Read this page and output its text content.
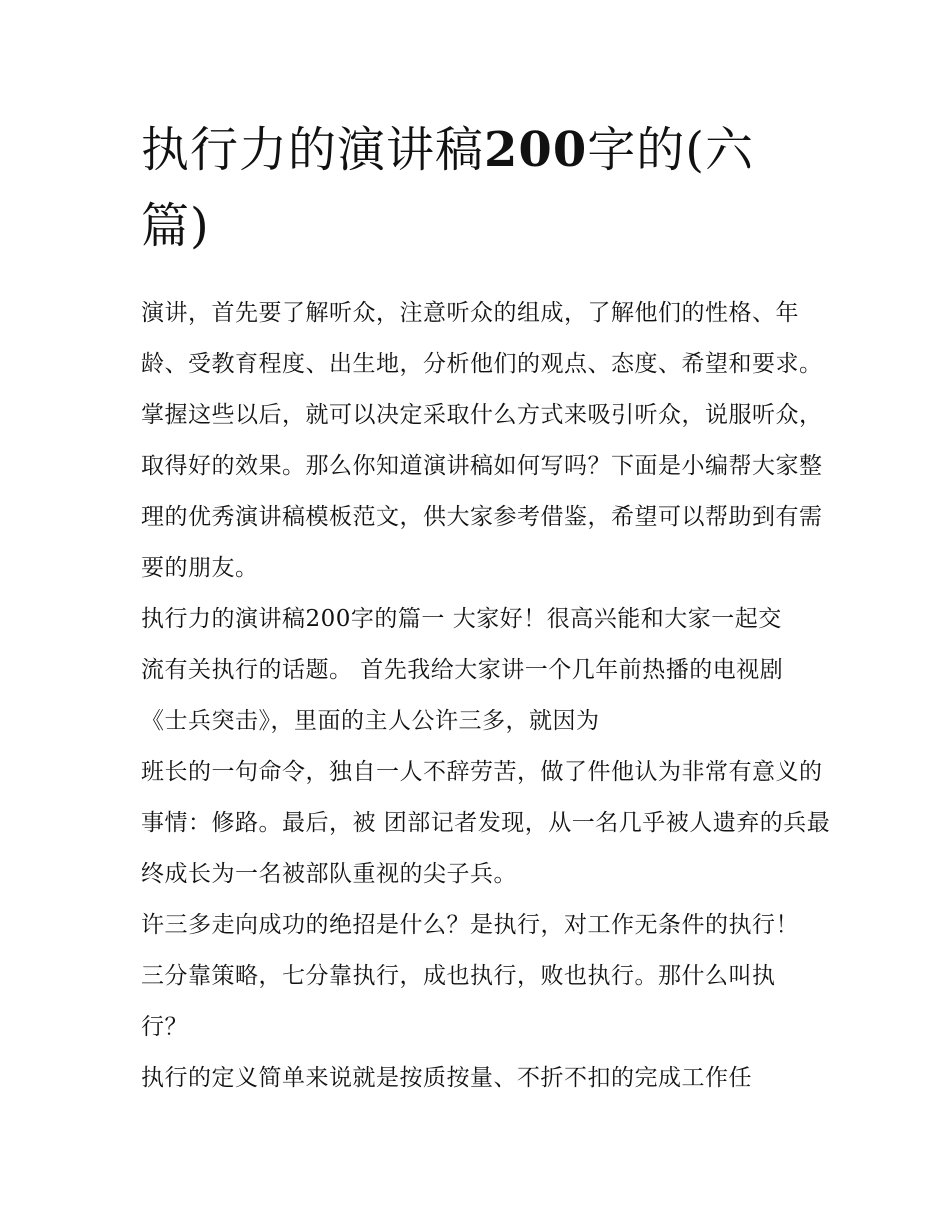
执行力的演讲稿200字的(六篇)

演讲，首先要了解听众，注意听众的组成，了解他们的性格、年龄、受教育程度、出生地，分析他们的观点、态度、希望和要求。掌握这些以后，就可以决定采取什么方式来吸引听众，说服听众，取得好的效果。那么你知道演讲稿如何写吗？下面是小编帮大家整理的优秀演讲稿模板范文，供大家参考借鉴，希望可以帮助到有需要的朋友。

执行力的演讲稿200字的篇一 大家好！很高兴能和大家一起交流有关执行的话题。 首先我给大家讲一个几年前热播的电视剧《士兵突击》，里面的主人公许三多，就因为

班长的一句命令，独自一人不辞劳苦，做了件他认为非常有意义的事情：修路。最后，被 团部记者发现，从一名几乎被人遗弃的兵最终成长为一名被部队重视的尖子兵。

许三多走向成功的绝招是什么？是执行，对工作无条件的执行！ 三分靠策略，七分靠执行，成也执行，败也执行。那什么叫执行？

执行的定义简单来说就是按质按量、不折不扣的完成工作任
